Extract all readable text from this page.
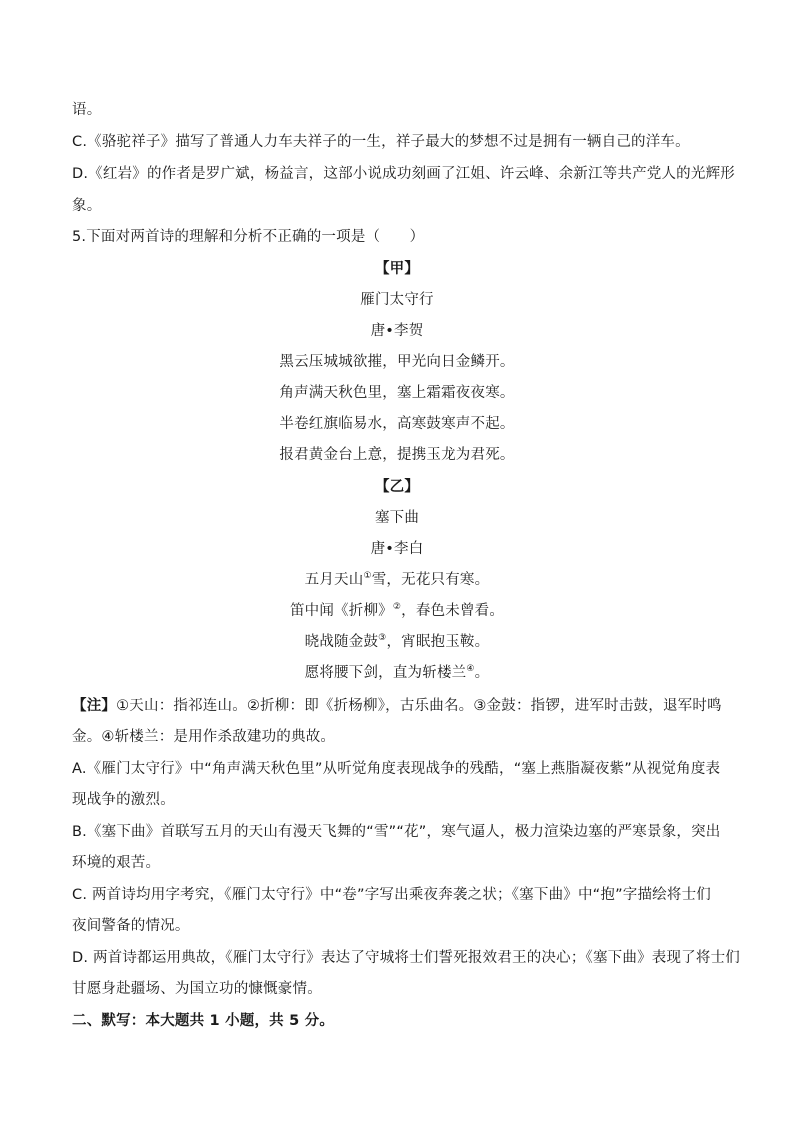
语。
C.《骆驼祥子》描写了普通人力车夫祥子的一生，祥子最大的梦想不过是拥有一辆自己的洋车。
D.《红岩》的作者是罗广斌，杨益言，这部小说成功刻画了江姐、许云峰、余新江等共产党人的光辉形
象。
5.下面对两首诗的理解和分析不正确的一项是（　　）
【甲】
雁门太守行
唐•李贺
黑云压城城欲摧，甲光向日金鳞开。
角声满天秋色里，塞上霜霜夜夜寒。
半卷红旗临易水，高寒鼓寒声不起。
报君黄金台上意，提携玉龙为君死。
【乙】
塞下曲
唐•李白
五月天山①雪，无花只有寒。
笛中闻《折柳》②，春色未曾看。
晓战随金鼓③，宵眠抱玉鞍。
愿将腰下剑，直为斩楼兰④。
【注】①天山：指祁连山。②折柳：即《折杨柳》，古乐曲名。③金鼓：指锣，进军时击鼓，退军时鸣
金。④斩楼兰：是用作杀敌建功的典故。
A.《雁门太守行》中“角声满天秋色里”从听觉角度表现战争的残酷，“塞上燕脂凝夜紫”从视觉角度表
现战争的激烈。
B.《塞下曲》首联写五月的天山有漫天飞舞的“雪”“花”，寒气逼人，极力渲染边塞的严寒景象，突出
环境的艰苦。
C. 两首诗均用字考究，《雁门太守行》中“卷”字写出乘夜奔袭之状；《塞下曲》中“抱”字描绘将士们
夜间警备的情况。
D. 两首诗都运用典故，《雁门太守行》表达了守城将士们誓死报效君王的决心；《塞下曲》表现了将士们
甘愿身赴疆场、为国立功的慷慨豪情。
二、默写：本大题共 1 小题，共 5 分。
